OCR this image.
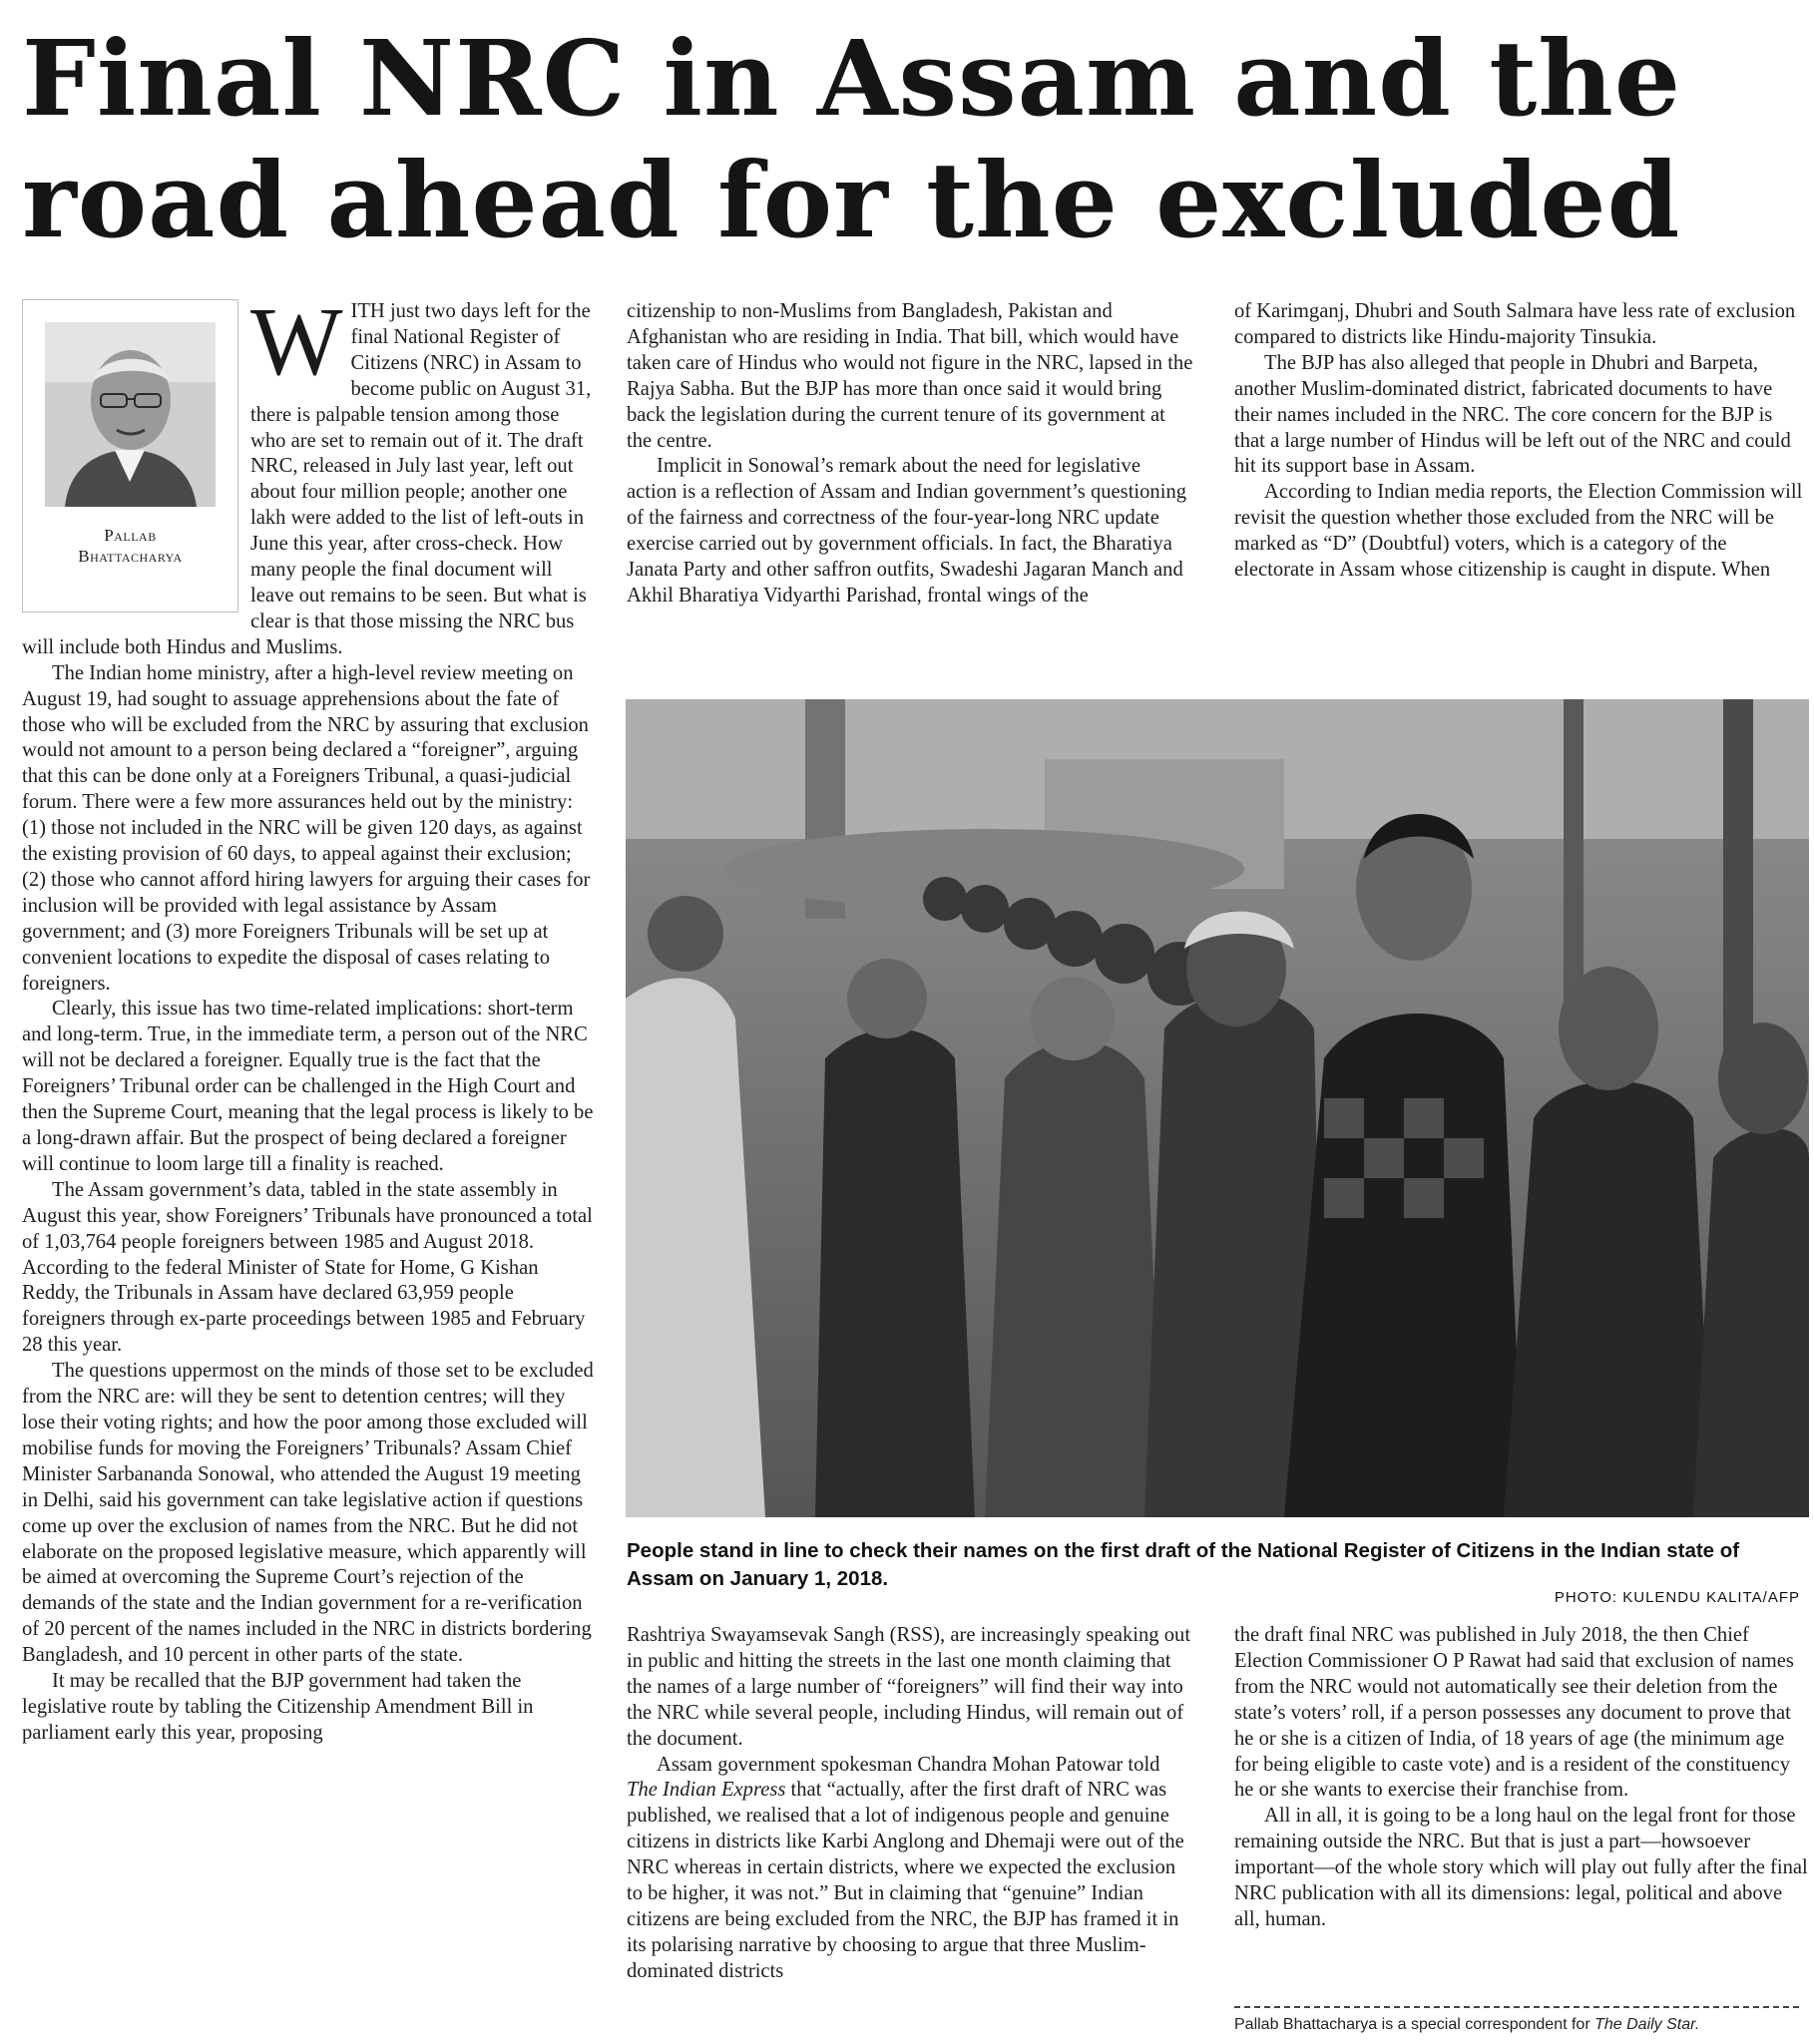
Final NRC in Assam and the
road ahead for the excluded
Pallab
Bhattacharya

WITH just two days left for the final National Register of Citizens (NRC) in Assam to become public on August 31, there is palpable tension among those who are set to remain out of it. The draft NRC, released in July last year, left out about four million people; another one lakh were added to the list of left-outs in June this year, after cross-check. How many people the final document will leave out remains to be seen. But what is clear is that those missing the NRC bus will include both Hindus and Muslims.

The Indian home ministry, after a high-level review meeting on August 19, had sought to assuage apprehensions about the fate of those who will be excluded from the NRC by assuring that exclusion would not amount to a person being declared a “foreigner”, arguing that this can be done only at a Foreigners Tribunal, a quasi-judicial forum. There were a few more assurances held out by the ministry: (1) those not included in the NRC will be given 120 days, as against the existing provision of 60 days, to appeal against their exclusion; (2) those who cannot afford hiring lawyers for arguing their cases for inclusion will be provided with legal assistance by Assam government; and (3) more Foreigners Tribunals will be set up at convenient locations to expedite the disposal of cases relating to foreigners.

Clearly, this issue has two time-related implications: short-term and long-term. True, in the immediate term, a person out of the NRC will not be declared a foreigner. Equally true is the fact that the Foreigners’ Tribunal order can be challenged in the High Court and then the Supreme Court, meaning that the legal process is likely to be a long-drawn affair. But the prospect of being declared a foreigner will continue to loom large till a finality is reached.

The Assam government’s data, tabled in the state assembly in August this year, show Foreigners’ Tribunals have pronounced a total of 1,03,764 people foreigners between 1985 and August 2018. According to the federal Minister of State for Home, G Kishan Reddy, the Tribunals in Assam have declared 63,959 people foreigners through ex-parte proceedings between 1985 and February 28 this year.

The questions uppermost on the minds of those set to be excluded from the NRC are: will they be sent to detention centres; will they lose their voting rights; and how the poor among those excluded will mobilise funds for moving the Foreigners’ Tribunals? Assam Chief Minister Sarbananda Sonowal, who attended the August 19 meeting in Delhi, said his government can take legislative action if questions come up over the exclusion of names from the NRC. But he did not elaborate on the proposed legislative measure, which apparently will be aimed at overcoming the Supreme Court’s rejection of the demands of the state and the Indian government for a re-verification of 20 percent of the names included in the NRC in districts bordering Bangladesh, and 10 percent in other parts of the state.

It may be recalled that the BJP government had taken the legislative route by tabling the Citizenship Amendment Bill in parliament early this year, proposing

citizenship to non-Muslims from Bangladesh, Pakistan and Afghanistan who are residing in India. That bill, which would have taken care of Hindus who would not figure in the NRC, lapsed in the Rajya Sabha. But the BJP has more than once said it would bring back the legislation during the current tenure of its government at the centre.

Implicit in Sonowal’s remark about the need for legislative action is a reflection of Assam and Indian government’s questioning of the fairness and correctness of the four-year-long NRC update exercise carried out by government officials. In fact, the Bharatiya Janata Party and other saffron outfits, Swadeshi Jagaran Manch and Akhil Bharatiya Vidyarthi Parishad, frontal wings of the

of Karimganj, Dhubri and South Salmara have less rate of exclusion compared to districts like Hindu-majority Tinsukia.

The BJP has also alleged that people in Dhubri and Barpeta, another Muslim-dominated district, fabricated documents to have their names included in the NRC. The core concern for the BJP is that a large number of Hindus will be left out of the NRC and could hit its support base in Assam.

According to Indian media reports, the Election Commission will revisit the question whether those excluded from the NRC will be marked as “D” (Doubtful) voters, which is a category of the electorate in Assam whose citizenship is caught in dispute. When

People stand in line to check their names on the first draft of the National Register of Citizens in the Indian state of Assam on January 1, 2018.
PHOTO: KULENDU KALITA/AFP

Rashtriya Swayamsevak Sangh (RSS), are increasingly speaking out in public and hitting the streets in the last one month claiming that the names of a large number of “foreigners” will find their way into the NRC while several people, including Hindus, will remain out of the document.

Assam government spokesman Chandra Mohan Patowar told The Indian Express that “actually, after the first draft of NRC was published, we realised that a lot of indigenous people and genuine citizens in districts like Karbi Anglong and Dhemaji were out of the NRC whereas in certain districts, where we expected the exclusion to be higher, it was not.” But in claiming that “genuine” Indian citizens are being excluded from the NRC, the BJP has framed it in its polarising narrative by choosing to argue that three Muslim-dominated districts

the draft final NRC was published in July 2018, the then Chief Election Commissioner O P Rawat had said that exclusion of names from the NRC would not automatically see their deletion from the state’s voters’ roll, if a person possesses any document to prove that he or she is a citizen of India, of 18 years of age (the minimum age for being eligible to caste vote) and is a resident of the constituency he or she wants to exercise their franchise from.

All in all, it is going to be a long haul on the legal front for those remaining outside the NRC. But that is just a part—howsoever important—of the whole story which will play out fully after the final NRC publication with all its dimensions: legal, political and above all, human.

Pallab Bhattacharya is a special correspondent for The Daily Star.
